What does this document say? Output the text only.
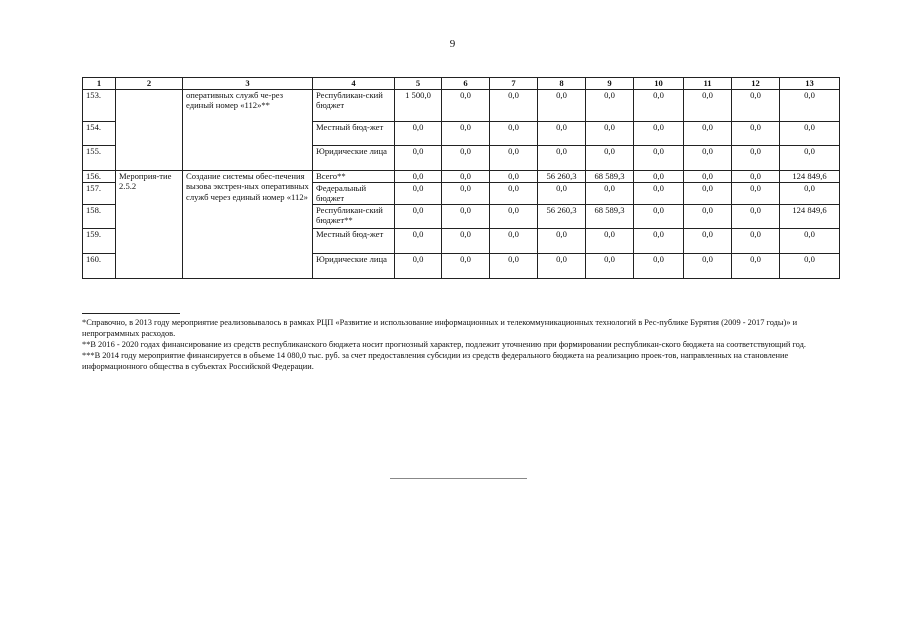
9
1	2	3	4	5	6	7	8	9	10	11	12	13
153.		оперативных служб че-рез единый номер «112»**	Республикан-ский бюджет	1 500,0	0,0	0,0	0,0	0,0	0,0	0,0	0,0	0,0
154.			Местный бюд-жет	0,0	0,0	0,0	0,0	0,0	0,0	0,0	0,0	0,0
155.			Юридические лица	0,0	0,0	0,0	0,0	0,0	0,0	0,0	0,0	0,0
156.	Мероприя-тие 2.5.2	Создание системы обес-печения вызова экстрен-ных оперативных служб через единый номер «112»	Всего**	0,0	0,0	0,0	56 260,3	68 589,3	0,0	0,0	0,0	124 849,6
157.			Федеральный бюджет	0,0	0,0	0,0	0,0	0,0	0,0	0,0	0,0	0,0
158.			Республикан-ский бюджет**	0,0	0,0	0,0	56 260,3	68 589,3	0,0	0,0	0,0	124 849,6
159.			Местный бюд-жет	0,0	0,0	0,0	0,0	0,0	0,0	0,0	0,0	0,0
160.			Юридические лица	0,0	0,0	0,0	0,0	0,0	0,0	0,0	0,0	0,0

*Справочно, в 2013 году мероприятие реализовывалось в рамках РЦП «Развитие и использование информационных и телекоммуникационных технологий в Рес-публике Бурятия (2009 - 2017 годы)» и непрограммных расходов.

**В 2016 - 2020 годах финансирование из средств республиканского бюджета носит прогнозный характер, подлежит уточнению при формировании республикан-ского бюджета на соответствующий год.

***В 2014 году мероприятие финансируется в объеме 14 080,0 тыс. руб. за счет предоставления субсидии из средств федерального бюджета на реализацию проек-тов, направленных на становление информационного общества в субъектах Российской Федерации.
